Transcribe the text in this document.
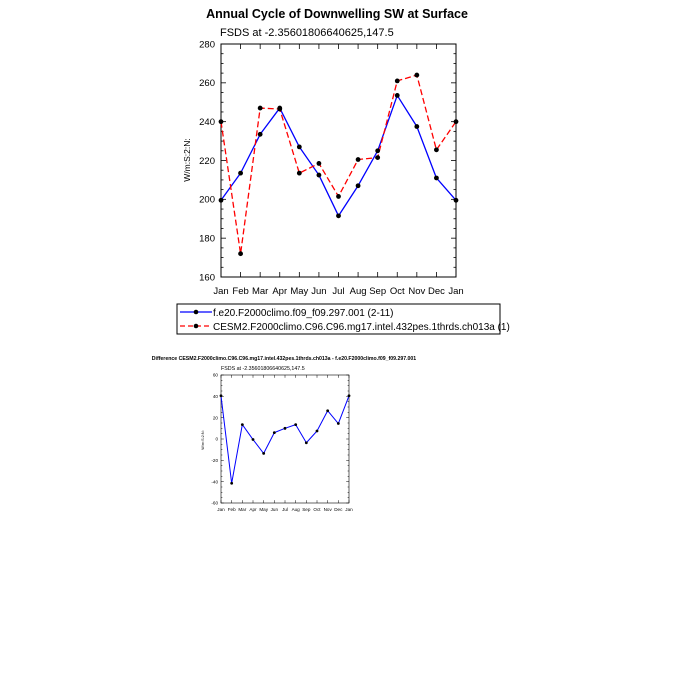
Annual Cycle of Downwelling SW at Surface
FSDS at -2.35601806640625,147.5
W/m:S:2:N:
160
180
200
220
240
260
280
Jan Feb Mar Apr May Jun Jul Aug Sep Oct Nov Dec Jan
f.e20.F2000climo.f09_f09.297.001 (2-11)
CESM2.F2000climo.C96.C96.mg17.intel.432pes.1thrds.ch013a (1)
Difference CESM2.F2000climo.C96.C96.mg17.intel.432pes.1thrds.ch013a - f.e20.F2000climo.f09_f09.297.001
FSDS at -2.35601806640625,147.5
W/m:S:2:N:
-60
-40
-20
0
20
40
60
Jan Feb Mar Apr May Jun Jul Aug Sep Oct Nov Dec Jan
